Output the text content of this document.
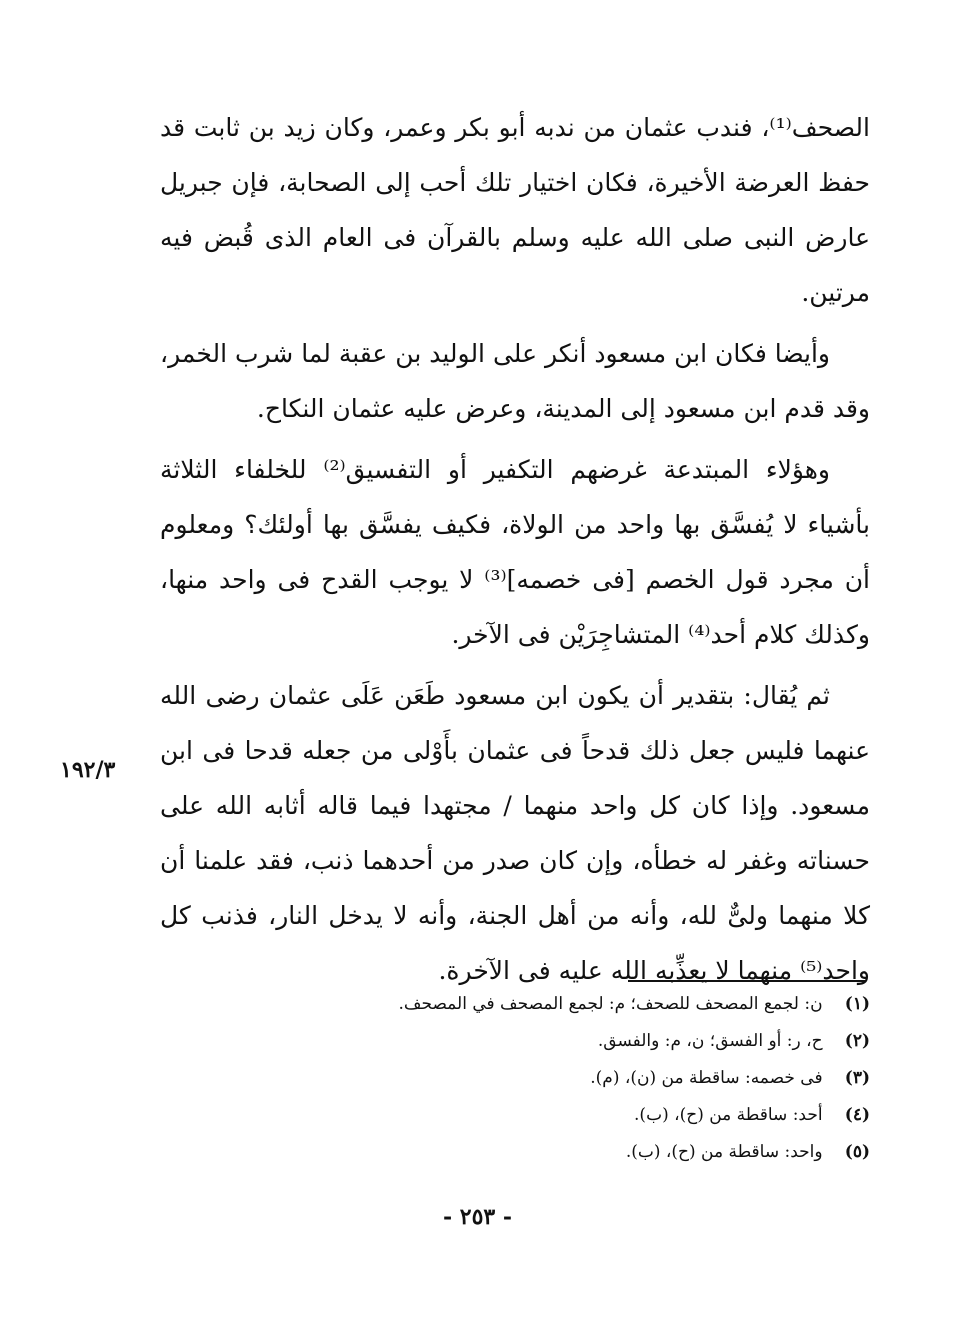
الصحف⁽¹⁾، فندب عثمان من ندبه أبو بكر وعمر، وكان زيد بن ثابت قد حفظ العرضة الأخيرة، فكان اختيار تلك أحب إلى الصحابة، فإن جبريل عارض النبى صلى الله عليه وسلم بالقرآن فى العام الذى قُبض فيه مرتين.

وأيضا فكان ابن مسعود أنكر على الوليد بن عقبة لما شرب الخمر، وقد قدم ابن مسعود إلى المدينة، وعرض عليه عثمان النكاح.

وهؤلاء المبتدعة غرضهم التكفير أو التفسيق⁽²⁾ للخلفاء الثلاثة بأشياء لا يُفسَّق بها واحد من الولاة، فكيف يفسَّق بها أولئك؟ ومعلوم أن مجرد قول الخصم [فى خصمه]⁽³⁾ لا يوجب القدح فى واحد منها، وكذلك كلام أحد⁽⁴⁾ المتشاجِرَيْن فى الآخر.

ثم يُقال: بتقدير أن يكون ابن مسعود طَعَن عَلَى عثمان رضى الله عنهما فليس جعل ذلك قدحاً فى عثمان بأَوْلى من جعله قدحا فى ابن مسعود. وإذا كان كل واحد منهما / مجتهدا فيما قاله أثابه الله على حسناته وغفر له خطأه، وإن كان صدر من أحدهما ذنب، فقد علمنا أن كلا منهما ولىٌّ لله، وأنه من أهل الجنة، وأنه لا يدخل النار، فذنب كل واحد⁽⁵⁾ منهما لا يعذِّبه الله عليه فى الآخرة.

١٩٢/٣
(١) ن: لجمع المصحف للصحف؛ م: لجمع المصحف في المصحف.
(٢) ح، ر: أو الفسق؛ ن، م: والفسق.
(٣) فى خصمه: ساقطة من (ن)، (م).
(٤) أحد: ساقطة من (ح)، (ب).
(٥) واحد: ساقطة من (ح)، (ب).
- ٢٥٣ -
